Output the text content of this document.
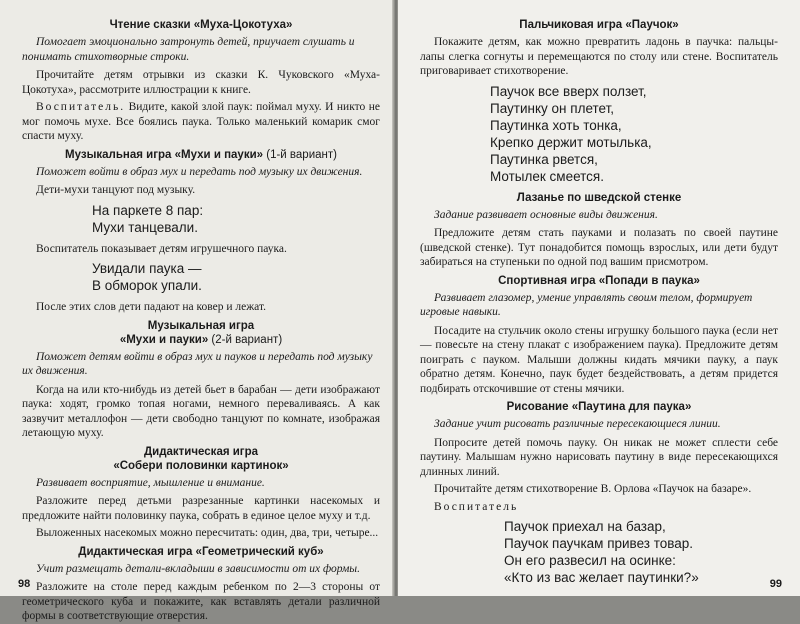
Чтение сказки «Муха-Цокотуха»
Помогает эмоционально затронуть детей, приучает слушать и понимать стихотворные строки.
Прочитайте детям отрывки из сказки К. Чуковского «Муха-Цокотуха», рассмотрите иллюстрации к книге.
Воспитатель. Видите, какой злой паук: поймал муху. И никто не мог помочь мухе. Все боялись паука. Только маленький комарик смог спасти муху.
Музыкальная игра «Мухи и пауки» (1-й вариант)
Поможет войти в образ мух и передать под музыку их движения.
Дети-мухи танцуют под музыку.
На паркете 8 пар:
Мухи танцевали.
Воспитатель показывает детям игрушечного паука.
Увидали паука —
В обморок упали.
После этих слов дети падают на ковер и лежат.
Музыкальная игра
«Мухи и пауки» (2-й вариант)
Поможет детям войти в образ мух и пауков и передать под музыку их движения.
Когда на или кто-нибудь из детей бьет в барабан — дети изображают паука: ходят, громко топая ногами, немного переваливаясь. А как зазвучит металлофон — дети свободно танцуют по комнате, изображая летающую муху.
Дидактическая игра
«Собери половинки картинок»
Развивает восприятие, мышление и внимание.
Разложите перед детьми разрезанные картинки насекомых и предложите найти половинку паука, собрать в единое целое муху и т.д.
Выложенных насекомых можно пересчитать: один, два, три, четыре...
Дидактическая игра «Геометрический куб»
Учит размещать детали-вкладыши в зависимости от их формы.
Разложите на столе перед каждым ребенком по 2—3 стороны от геометрического куба и покажите, как вставлять детали различной формы в соответствующие отверстия.
98
Пальчиковая игра «Паучок»
Покажите детям, как можно превратить ладонь в паучка: пальцы-лапы слегка согнуты и перемещаются по столу или стене. Воспитатель приговаривает стихотворение.
Паучок все вверх ползет,
Паутинку он плетет,
Паутинка хоть тонка,
Крепко держит мотылька,
Паутинка рвется,
Мотылек смеется.
Лазанье по шведской стенке
Задание развивает основные виды движения.
Предложите детям стать пауками и полазать по своей паутине (шведской стенке). Тут понадобится помощь взрослых, или дети будут забираться на ступеньки по одной под вашим присмотром.
Спортивная игра «Попади в паука»
Развивает глазомер, умение управлять своим телом, формирует игровые навыки.
Посадите на стульчик около стены игрушку большого паука (если нет — повесьте на стену плакат с изображением паука). Предложите детям поиграть с пауком. Малыши должны кидать мячики пауку, а паук обратно детям. Конечно, паук будет бездействовать, а детям придется подбирать отскочившие от стены мячики.
Рисование «Паутина для паука»
Задание учит рисовать различные пересекающиеся линии.
Попросите детей помочь пауку. Он никак не может сплести себе паутину. Малышам нужно нарисовать паутину в виде пересекающихся длинных линий.
Прочитайте детям стихотворение В. Орлова «Паучок на базаре».
Воспитатель
Паучок приехал на базар,
Паучок паучкам привез товар.
Он его развесил на осинке:
«Кто из вас желает паутинки?»	99
